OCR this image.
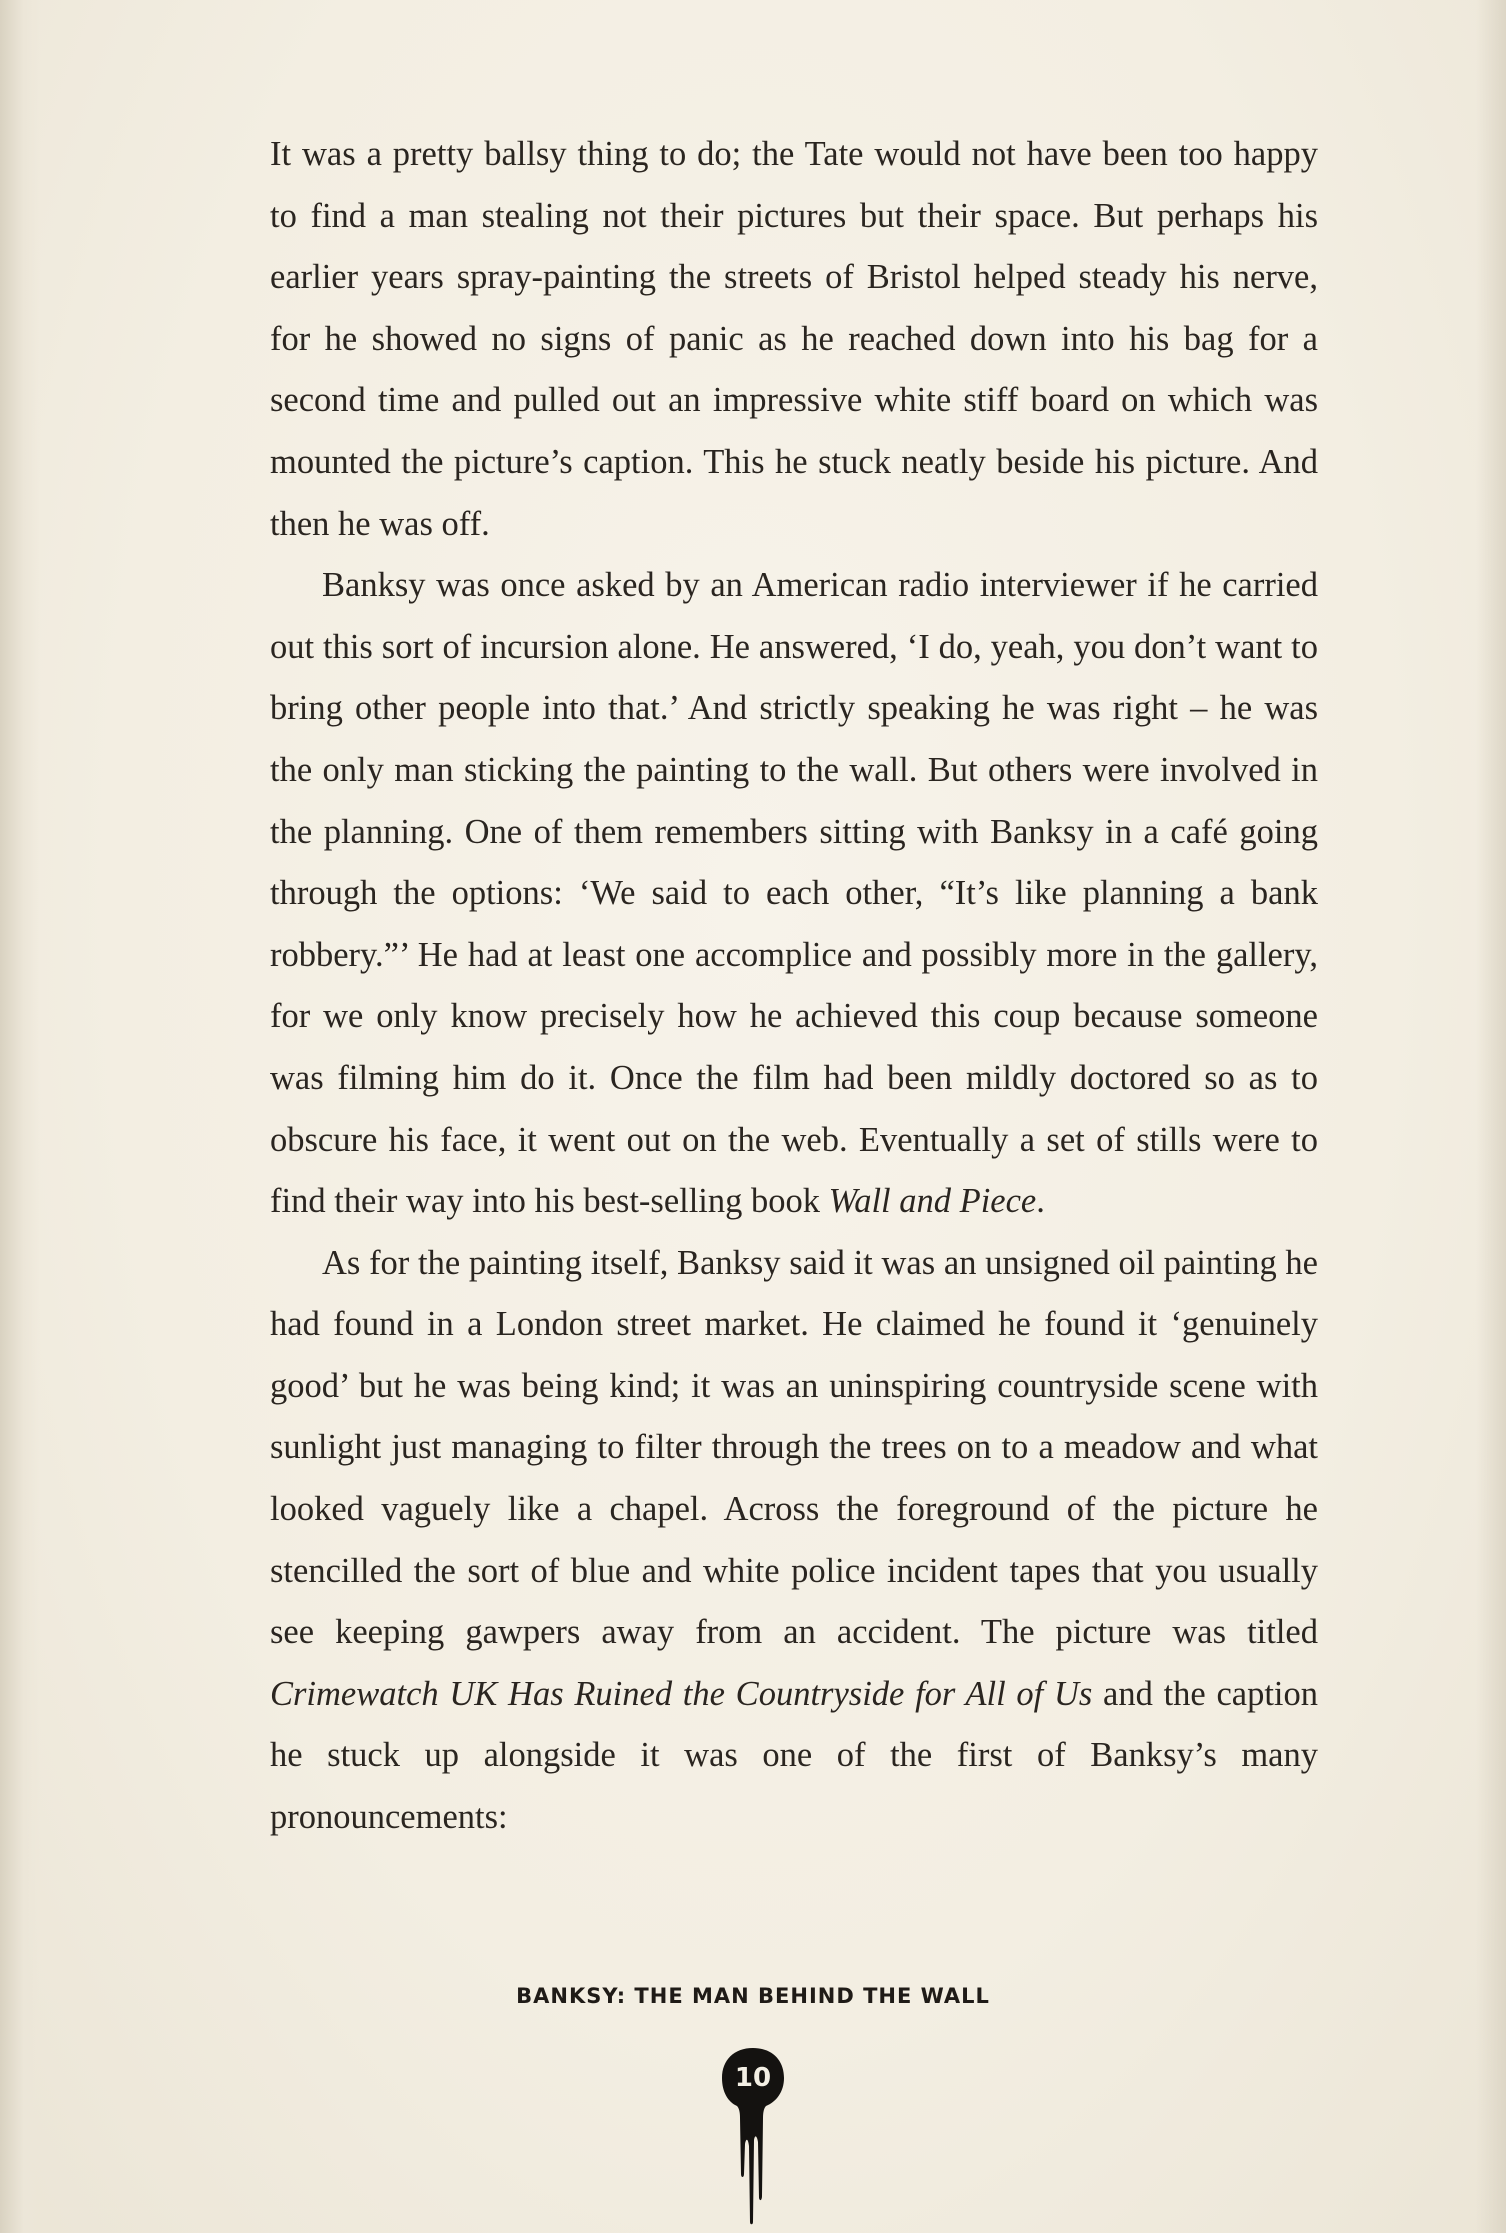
It was a pretty ballsy thing to do; the Tate would not have been too happy to find a man stealing not their pictures but their space. But perhaps his earlier years spray-painting the streets of Bristol helped steady his nerve, for he showed no signs of panic as he reached down into his bag for a second time and pulled out an impressive white stiff board on which was mounted the picture’s caption. This he stuck neatly beside his picture. And then he was off.

Banksy was once asked by an American radio interviewer if he carried out this sort of incursion alone. He answered, ‘I do, yeah, you don’t want to bring other people into that.’ And strictly speaking he was right – he was the only man sticking the painting to the wall. But others were involved in the planning. One of them remembers sitting with Banksy in a café going through the options: ‘We said to each other, “It’s like planning a bank robbery.”’ He had at least one accomplice and possibly more in the gallery, for we only know precisely how he achieved this coup because someone was filming him do it. Once the film had been mildly doctored so as to obscure his face, it went out on the web. Eventually a set of stills were to find their way into his best-selling book Wall and Piece.

As for the painting itself, Banksy said it was an unsigned oil painting he had found in a London street market. He claimed he found it ‘genuinely good’ but he was being kind; it was an uninspiring countryside scene with sunlight just managing to filter through the trees on to a meadow and what looked vaguely like a chapel. Across the foreground of the picture he stencilled the sort of blue and white police incident tapes that you usually see keeping gawpers away from an accident. The picture was titled Crimewatch UK Has Ruined the Countryside for All of Us and the caption he stuck up alongside it was one of the first of Banksy’s many pronouncements:

BANKSY: THE MAN BEHIND THE WALL
10
